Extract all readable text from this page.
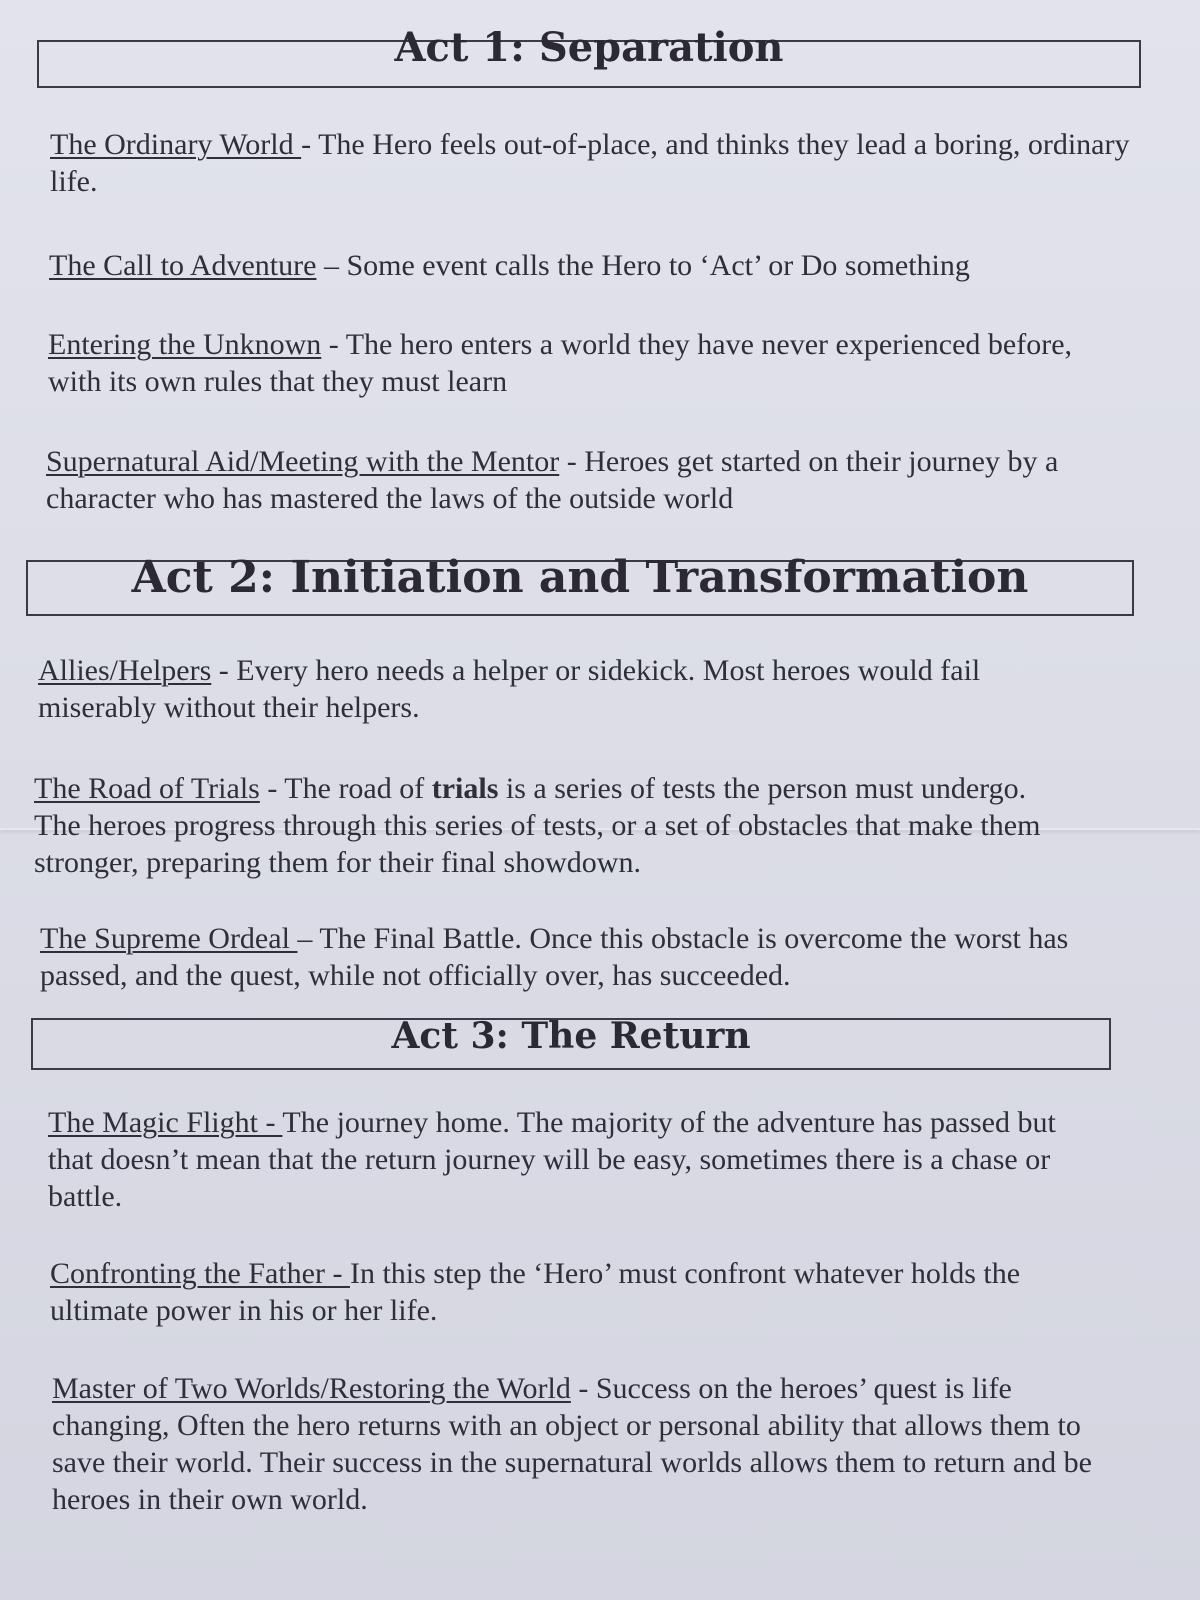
Act 1: Separation
The Ordinary World - The Hero feels out-of-place, and thinks they lead a boring, ordinary life.
The Call to Adventure – Some event calls the Hero to ‘Act’ or Do something
Entering the Unknown - The hero enters a world they have never experienced before, with its own rules that they must learn
Supernatural Aid/Meeting with the Mentor - Heroes get started on their journey by a character who has mastered the laws of the outside world
Act 2: Initiation and Transformation
Allies/Helpers - Every hero needs a helper or sidekick. Most heroes would fail miserably without their helpers.
The Road of Trials - The road of trials is a series of tests the person must undergo. The heroes progress through this series of tests, or a set of obstacles that make them stronger, preparing them for their final showdown.
The Supreme Ordeal – The Final Battle. Once this obstacle is overcome the worst has passed, and the quest, while not officially over, has succeeded.
Act 3: The Return
The Magic Flight - The journey home. The majority of the adventure has passed but that doesn’t mean that the return journey will be easy, sometimes there is a chase or battle.
Confronting the Father - In this step the ‘Hero’ must confront whatever holds the ultimate power in his or her life.
Master of Two Worlds/Restoring the World - Success on the heroes’ quest is life changing, Often the hero returns with an object or personal ability that allows them to save their world. Their success in the supernatural worlds allows them to return and be heroes in their own world.
